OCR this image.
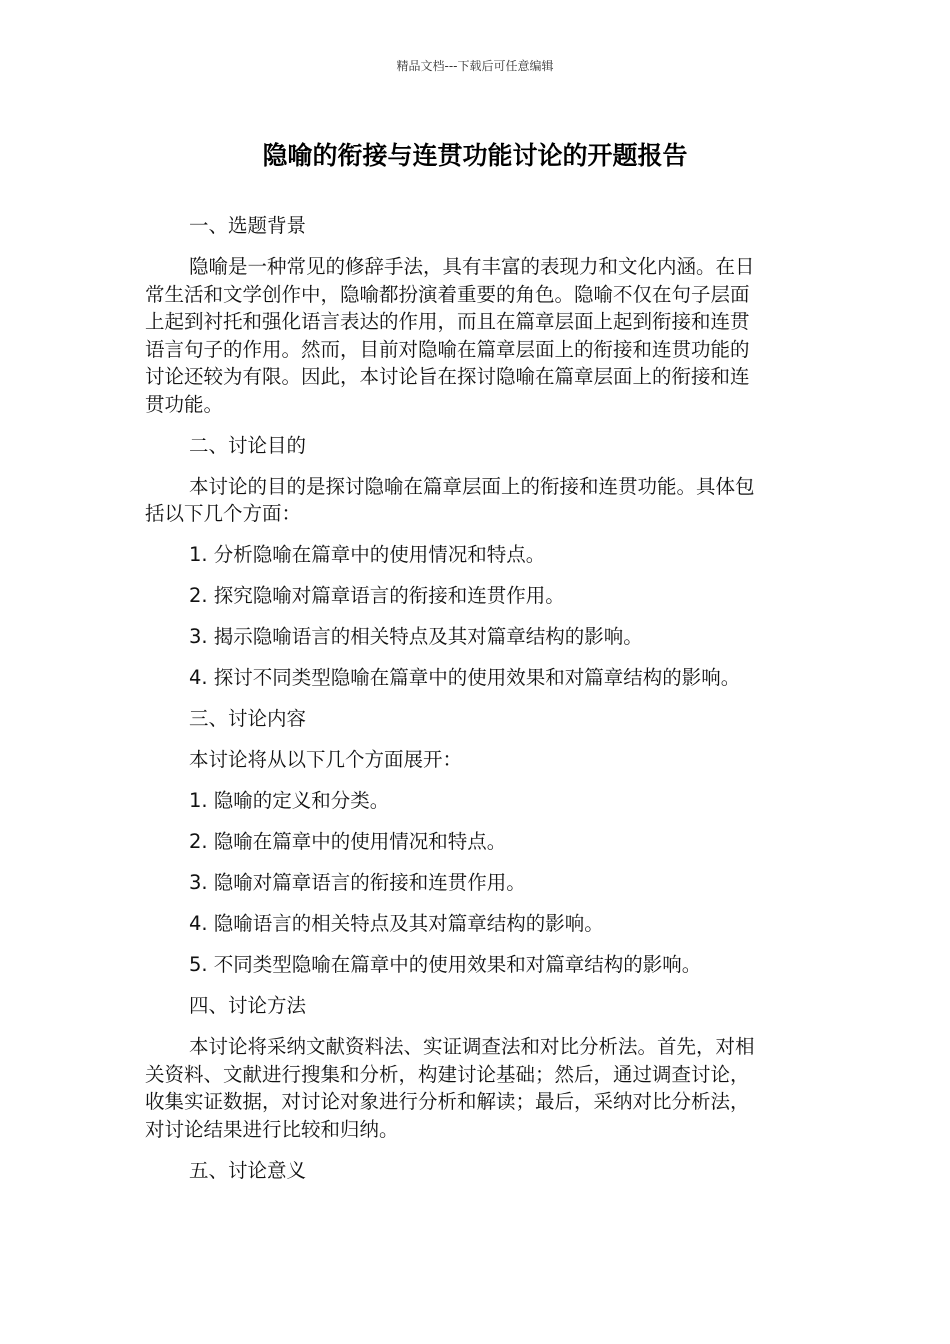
精品文档---下载后可任意编辑
隐喻的衔接与连贯功能讨论的开题报告

一、选题背景

隐喻是一种常见的修辞手法，具有丰富的表现力和文化内涵。在日

常生活和文学创作中，隐喻都扮演着重要的角色。隐喻不仅在句子层面

上起到衬托和强化语言表达的作用，而且在篇章层面上起到衔接和连贯

语言句子的作用。然而，目前对隐喻在篇章层面上的衔接和连贯功能的

讨论还较为有限。因此，本讨论旨在探讨隐喻在篇章层面上的衔接和连

贯功能。

二、讨论目的

本讨论的目的是探讨隐喻在篇章层面上的衔接和连贯功能。具体包

括以下几个方面：

1. 分析隐喻在篇章中的使用情况和特点。

2. 探究隐喻对篇章语言的衔接和连贯作用。

3. 揭示隐喻语言的相关特点及其对篇章结构的影响。

4. 探讨不同类型隐喻在篇章中的使用效果和对篇章结构的影响。

三、讨论内容

本讨论将从以下几个方面展开：

1. 隐喻的定义和分类。

2. 隐喻在篇章中的使用情况和特点。

3. 隐喻对篇章语言的衔接和连贯作用。

4. 隐喻语言的相关特点及其对篇章结构的影响。

5. 不同类型隐喻在篇章中的使用效果和对篇章结构的影响。

四、讨论方法

本讨论将采纳文献资料法、实证调查法和对比分析法。首先，对相

关资料、文献进行搜集和分析，构建讨论基础；然后，通过调查讨论，

收集实证数据，对讨论对象进行分析和解读；最后，采纳对比分析法，

对讨论结果进行比较和归纳。

五、讨论意义
